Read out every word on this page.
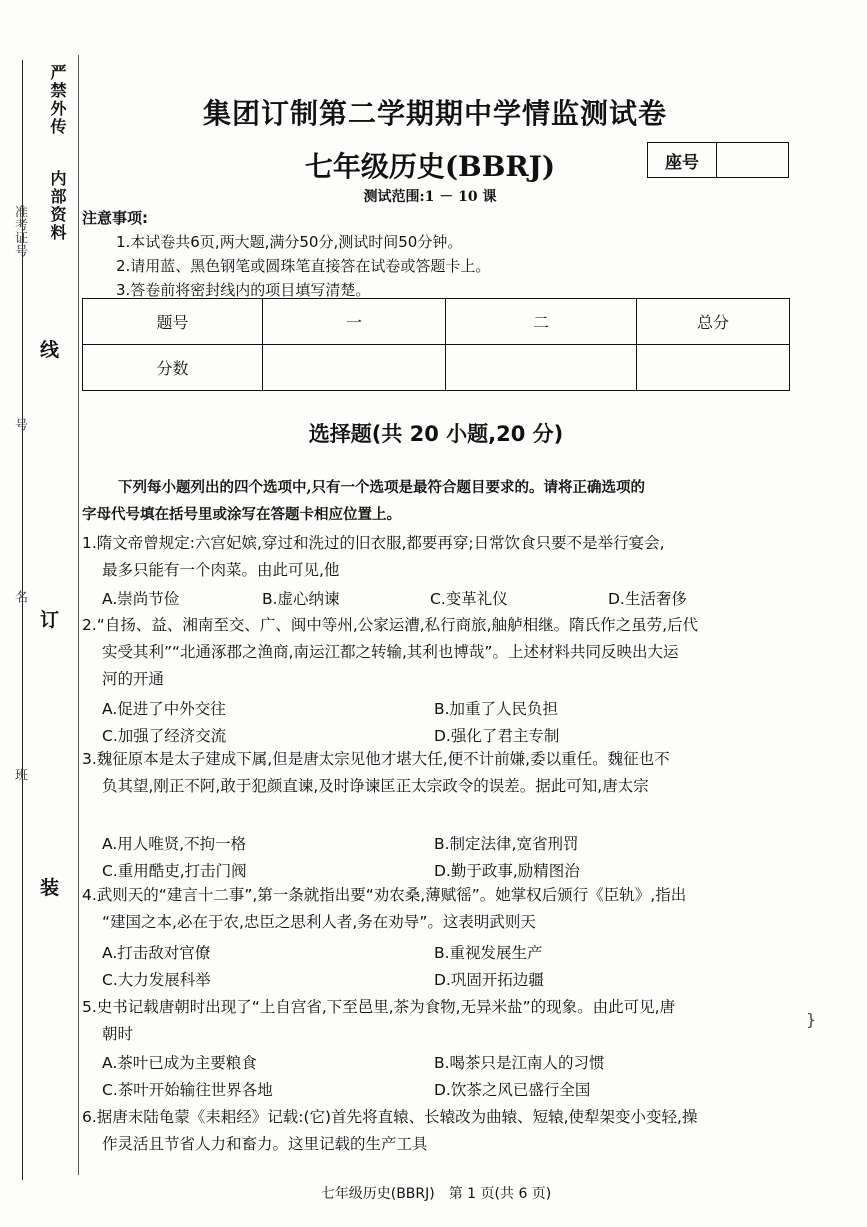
严禁外传
内部资料
准考证号
线
号
名
订
班
装
集团订制第二学期期中学情监测试卷
七年级历史(BBRJ)	座号
测试范围:1 － 10 课
注意事项:
1.本试卷共6页,两大题,满分50分,测试时间50分钟。
2.请用蓝、黑色钢笔或圆珠笔直接答在试卷或答题卡上。
3.答卷前将密封线内的项目填写清楚。
题号	一	二	总分
分数			
选择题(共 20 小题,20 分)
下列每小题列出的四个选项中,只有一个选项是最符合题目要求的。请将正确选项的
字母代号填在括号里或涂写在答题卡相应位置上。
1.隋文帝曾规定:六宫妃嫔,穿过和洗过的旧衣服,都要再穿;日常饮食只要不是举行宴会,
最多只能有一个肉菜。由此可见,他
A.崇尚节俭	B.虚心纳谏	C.变革礼仪	D.生活奢侈
2.“自扬、益、湘南至交、广、闽中等州,公家运漕,私行商旅,舳舻相继。隋氏作之虽劳,后代
实受其利”“北通涿郡之渔商,南运江都之转输,其利也博哉”。上述材料共同反映出大运
河的开通
A.促进了中外交往	B.加重了人民负担
C.加强了经济交流	D.强化了君主专制
3.魏征原本是太子建成下属,但是唐太宗见他才堪大任,便不计前嫌,委以重任。魏征也不
负其望,刚正不阿,敢于犯颜直谏,及时诤谏匡正太宗政令的误差。据此可知,唐太宗
A.用人唯贤,不拘一格	B.制定法律,宽省刑罚
C.重用酷吏,打击门阀	D.勤于政事,励精图治
4.武则天的“建言十二事”,第一条就指出要“劝农桑,薄赋徭”。她掌权后颁行《臣轨》,指出
“建国之本,必在于农,忠臣之思利人者,务在劝导”。这表明武则天
A.打击敌对官僚	B.重视发展生产
C.大力发展科举	D.巩固开拓边疆
5.史书记载唐朝时出现了“上自宫省,下至邑里,茶为食物,无异米盐”的现象。由此可见,唐
朝时
A.茶叶已成为主要粮食	B.喝茶只是江南人的习惯
C.茶叶开始输往世界各地	D.饮茶之风已盛行全国
}
6.据唐末陆龟蒙《耒耜经》记载:(它)首先将直辕、长辕改为曲辕、短辕,使犁架变小变轻,操
作灵活且节省人力和畜力。这里记载的生产工具
七年级历史(BBRJ)　第 1 页(共 6 页)
